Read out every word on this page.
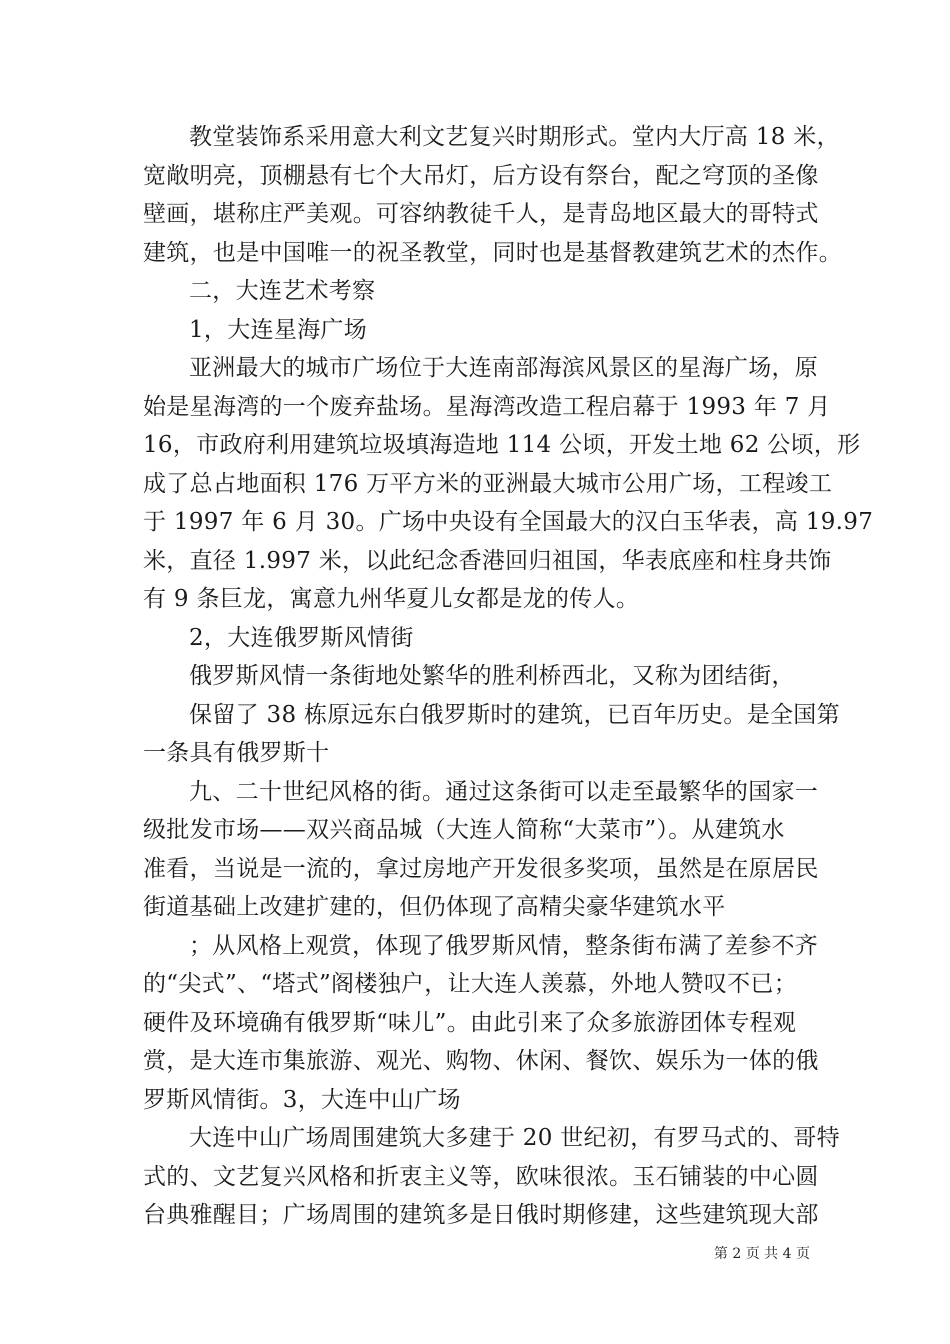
教堂装饰系采用意大利文艺复兴时期形式。堂内大厅高 18 米，
宽敞明亮，顶棚悬有七个大吊灯，后方设有祭台，配之穹顶的圣像
壁画，堪称庄严美观。可容纳教徒千人，是青岛地区最大的哥特式
建筑，也是中国唯一的祝圣教堂，同时也是基督教建筑艺术的杰作。
二，大连艺术考察
1，大连星海广场
亚洲最大的城市广场位于大连南部海滨风景区的星海广场，原
始是星海湾的一个废弃盐场。星海湾改造工程启幕于 1993 年 7 月
16，市政府利用建筑垃圾填海造地 114 公顷，开发土地 62 公顷，形
成了总占地面积 176 万平方米的亚洲最大城市公用广场，工程竣工
于 1997 年 6 月 30。广场中央设有全国最大的汉白玉华表，高 19.97
米，直径 1.997 米，以此纪念香港回归祖国，华表底座和柱身共饰
有 9 条巨龙，寓意九州华夏儿女都是龙的传人。
2，大连俄罗斯风情街
俄罗斯风情一条街地处繁华的胜利桥西北，又称为团结街，
保留了 38 栋原远东白俄罗斯时的建筑，已百年历史。是全国第
一条具有俄罗斯十
九、二十世纪风格的街。通过这条街可以走至最繁华的国家一
级批发市场——双兴商品城（大连人简称“大菜市”）。从建筑水
准看，当说是一流的，拿过房地产开发很多奖项，虽然是在原居民
街道基础上改建扩建的，但仍体现了高精尖豪华建筑水平
；从风格上观赏，体现了俄罗斯风情，整条街布满了差参不齐
的“尖式”、“塔式”阁楼独户，让大连人羡慕，外地人赞叹不已；
硬件及环境确有俄罗斯“味儿”。由此引来了众多旅游团体专程观
赏，是大连市集旅游、观光、购物、休闲、餐饮、娱乐为一体的俄
罗斯风情街。3，大连中山广场
大连中山广场周围建筑大多建于 20 世纪初，有罗马式的、哥特
式的、文艺复兴风格和折衷主义等，欧味很浓。玉石铺装的中心圆
台典雅醒目；广场周围的建筑多是日俄时期修建，这些建筑现大部
第 2 页 共 4 页
